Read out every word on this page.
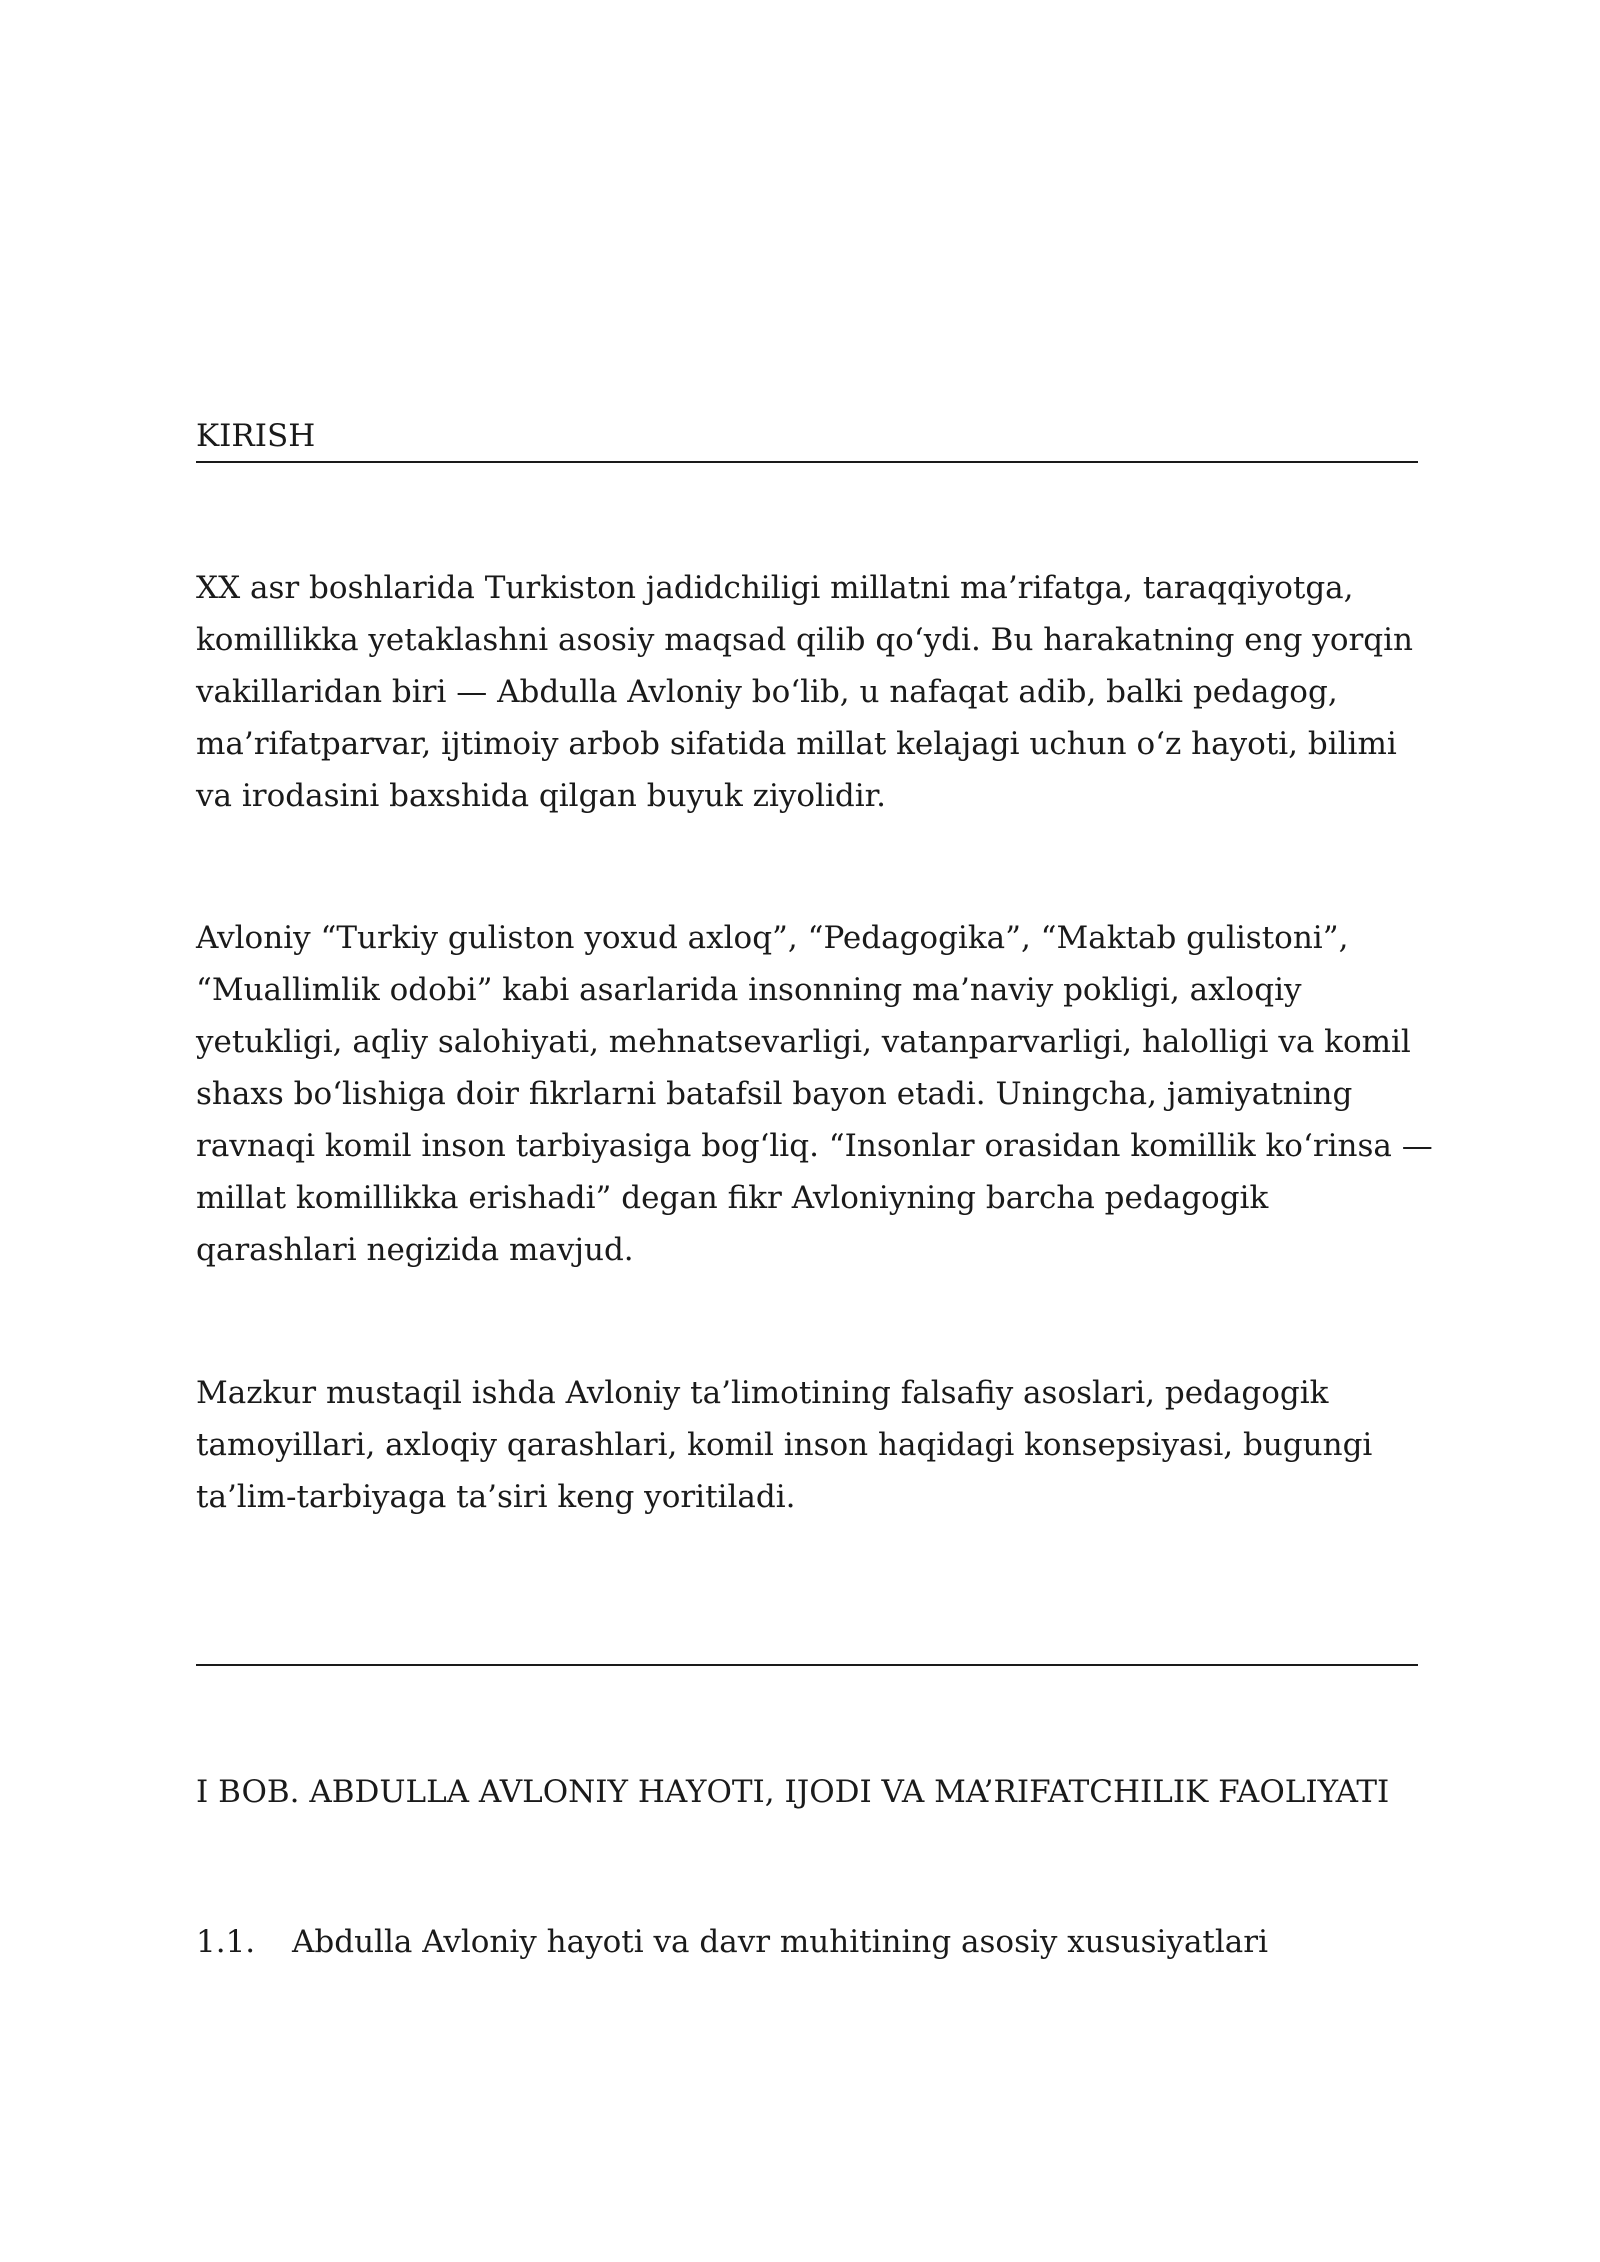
KIRISH

XX asr boshlarida Turkiston jadidchiligi millatni ma’rifatga, taraqqiyotga, komillikka yetaklashni asosiy maqsad qilib qo‘ydi. Bu harakatning eng yorqin vakillaridan biri — Abdulla Avloniy bo‘lib, u nafaqat adib, balki pedagog, ma’rifatparvar, ijtimoiy arbob sifatida millat kelajagi uchun o‘z hayoti, bilimi va irodasini baxshida qilgan buyuk ziyolidir.

Avloniy “Turkiy guliston yoxud axloq”, “Pedagogika”, “Maktab gulistoni”, “Muallimlik odobi” kabi asarlarida insonning ma’naviy pokligi, axloqiy yetukligi, aqliy salohiyati, mehnatsevarligi, vatanparvarligi, halolligi va komil shaxs bo‘lishiga doir fikrlarni batafsil bayon etadi. Uningcha, jamiyatning ravnaqi komil inson tarbiyasiga bog‘liq. “Insonlar orasidan komillik ko‘rinsa — millat komillikka erishadi” degan fikr Avloniyning barcha pedagogik qarashlari negizida mavjud.

Mazkur mustaqil ishda Avloniy ta’limotining falsafiy asoslari, pedagogik tamoyillari, axloqiy qarashlari, komil inson haqidagi konsepsiyasi, bugungi ta’lim-tarbiyaga ta’siri keng yoritiladi.

I BOB. ABDULLA AVLONIY HAYOTI, IJODI VA MA’RIFATCHILIK FAOLIYATI
1.1. Abdulla Avloniy hayoti va davr muhitining asosiy xususiyatlari
